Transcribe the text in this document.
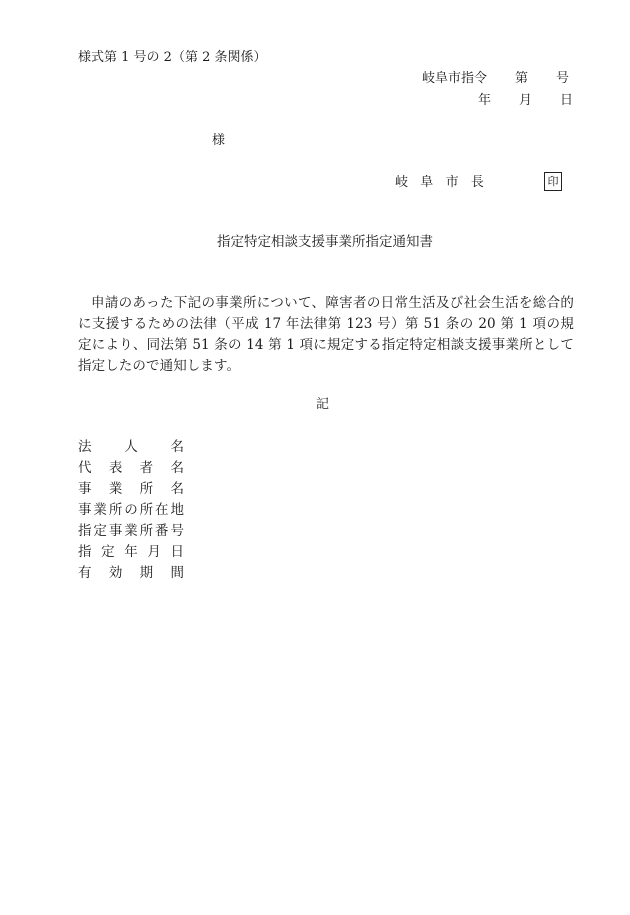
様式第 1 号の 2（第 2 条関係）
岐阜市指令 第 号
年 月 日
様
岐 阜 市 長	印
指定特定相談支援事業所指定通知書
申請のあった下記の事業所について、障害者の日常生活及び社会生活を総合的に支援するための法律（平成 17 年法律第 123 号）第 51 条の 20 第 1 項の規定により、同法第 51 条の 14 第 1 項に規定する指定特定相談支援事業所として指定したので通知します。
記
法 人 名
代 表 者 名
事 業 所 名
事 業 所 の 所 在 地
指 定 事 業 所 番 号
指 定 年 月 日
有 効 期 間
